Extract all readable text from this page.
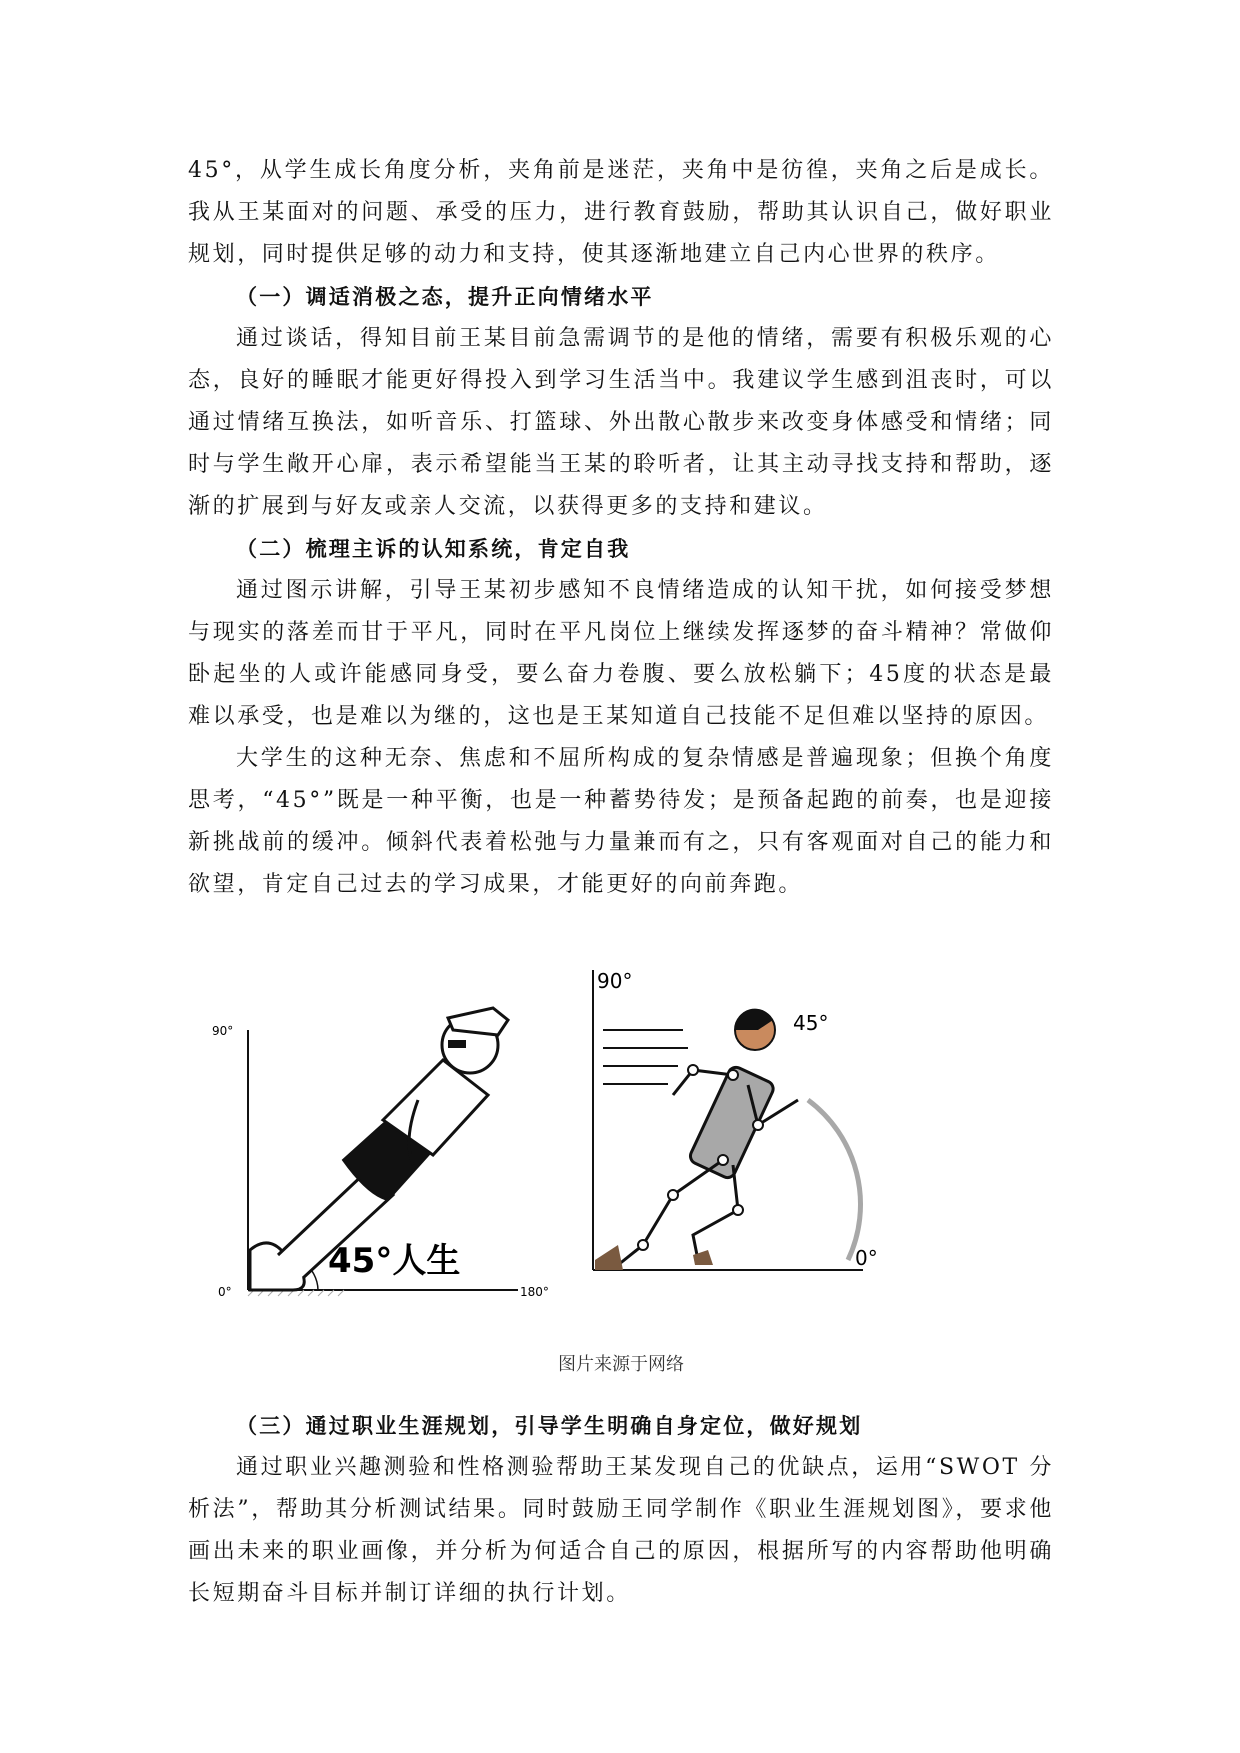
45°，从学生成长角度分析，夹角前是迷茫，夹角中是彷徨，夹角之后是成长。我从王某面对的问题、承受的压力，进行教育鼓励，帮助其认识自己，做好职业规划，同时提供足够的动力和支持，使其逐渐地建立自己内心世界的秩序。

（一）调适消极之态，提升正向情绪水平

通过谈话，得知目前王某目前急需调节的是他的情绪，需要有积极乐观的心态，良好的睡眠才能更好得投入到学习生活当中。我建议学生感到沮丧时，可以通过情绪互换法，如听音乐、打篮球、外出散心散步来改变身体感受和情绪；同时与学生敞开心扉，表示希望能当王某的聆听者，让其主动寻找支持和帮助，逐渐的扩展到与好友或亲人交流，以获得更多的支持和建议。

（二）梳理主诉的认知系统，肯定自我

通过图示讲解，引导王某初步感知不良情绪造成的认知干扰，如何接受梦想与现实的落差而甘于平凡，同时在平凡岗位上继续发挥逐梦的奋斗精神？常做仰卧起坐的人或许能感同身受，要么奋力卷腹、要么放松躺下；45度的状态是最难以承受，也是难以为继的，这也是王某知道自己技能不足但难以坚持的原因。

大学生的这种无奈、焦虑和不屈所构成的复杂情感是普遍现象；但换个角度思考，“45°”既是一种平衡，也是一种蓄势待发；是预备起跑的前奏，也是迎接新挑战前的缓冲。倾斜代表着松弛与力量兼而有之，只有客观面对自己的能力和欲望，肯定自己过去的学习成果，才能更好的向前奔跑。

90°
0°	180°
45°人生
90°
45°
0°
图片来源于网络
（三）通过职业生涯规划，引导学生明确自身定位，做好规划

通过职业兴趣测验和性格测验帮助王某发现自己的优缺点，运用“SWOT 分析法”，帮助其分析测试结果。同时鼓励王同学制作《职业生涯规划图》，要求他画出未来的职业画像，并分析为何适合自己的原因，根据所写的内容帮助他明确长短期奋斗目标并制订详细的执行计划。
